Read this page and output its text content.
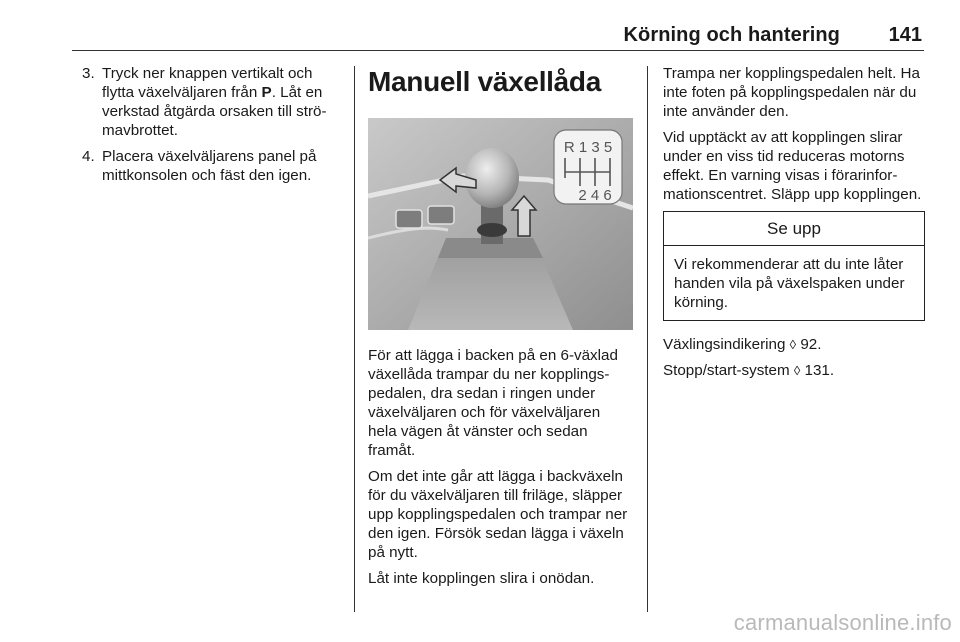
Körning och hantering 141
3. Tryck ner knappen vertikalt och flytta växelväljaren från P. Låt en verkstad åtgärda orsaken till strömavbrottet.
4. Placera växelväljarens panel på mittkonsolen och fäst den igen.
Manuell växellåda
R 1 3 5
2 4 6

För att lägga i backen på en 6-växlad växellåda trampar du ner kopplingspedalen, dra sedan i ringen under växelväljaren och för växelväljaren hela vägen åt vänster och sedan framåt.

Om det inte går att lägga i backväxeln för du växelväljaren till friläge, släpper upp kopplingspedalen och trampar ner den igen. Försök sedan lägga i växeln på nytt.

Låt inte kopplingen slira i onödan.

Trampa ner kopplingspedalen helt. Ha inte foten på kopplingspedalen när du inte använder den.

Vid upptäckt av att kopplingen slirar under en viss tid reduceras motorns effekt. En varning visas i förarinformationscentret. Släpp upp kopplingen.

Se upp
Vi rekommenderar att du inte låter handen vila på växelspaken under körning.

Växlingsindikering ◊ 92.

Stopp/start-system ◊ 131.

carmanualsonline.info
